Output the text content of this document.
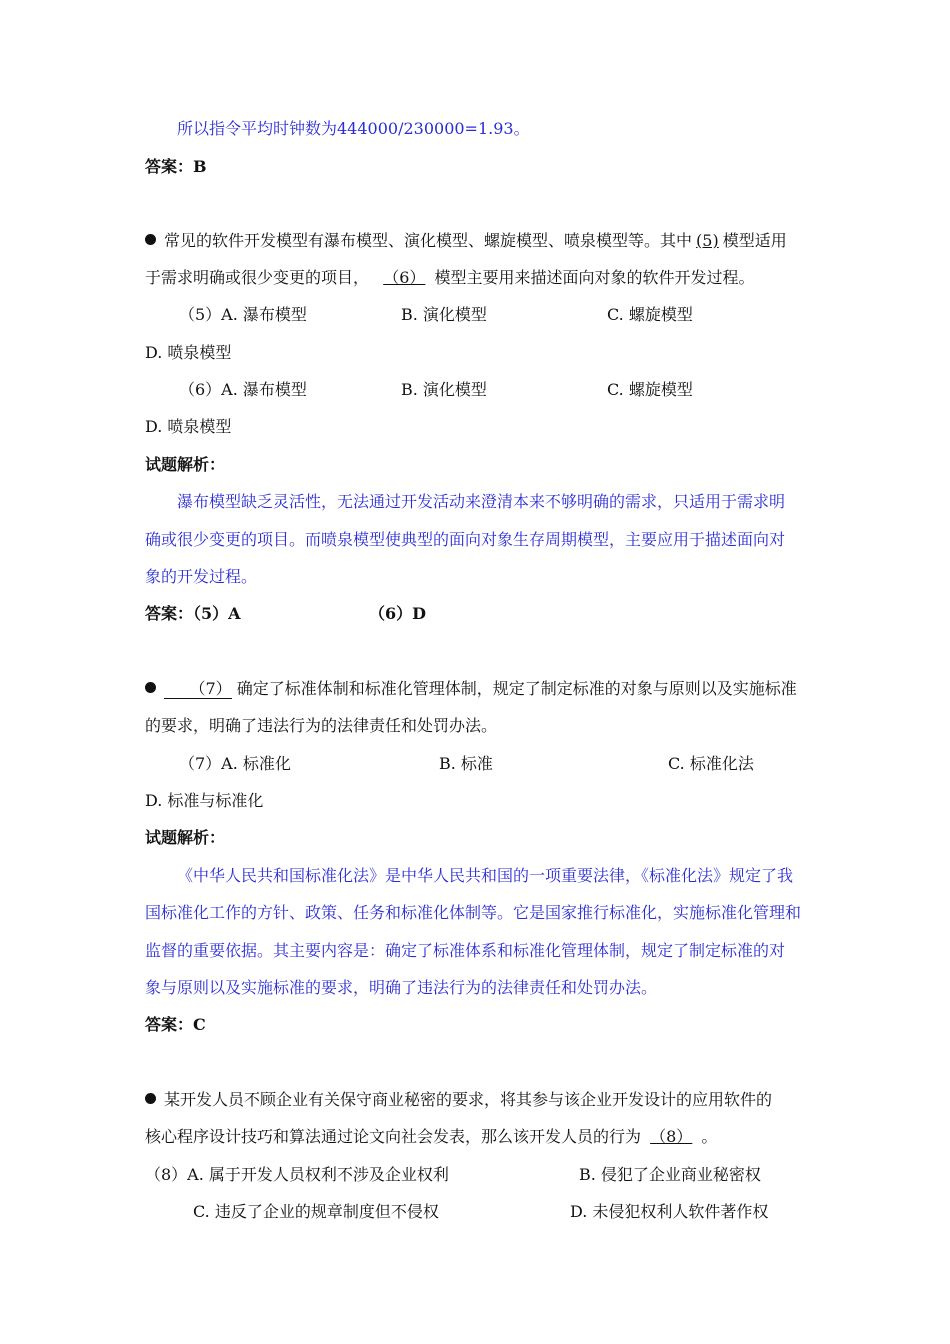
所以指令平均时钟数为444000/230000=1.93。
答案：B
常见的软件开发模型有瀑布模型、演化模型、螺旋模型、喷泉模型等。其中 (5) 模型适用
于需求明确或很少变更的项目， （6） 模型主要用来描述面向对象的软件开发过程。
（5）A. 瀑布模型	B. 演化模型	C. 螺旋模型
D. 喷泉模型
（6）A. 瀑布模型	B. 演化模型	C. 螺旋模型
D. 喷泉模型
试题解析：
瀑布模型缺乏灵活性，无法通过开发活动来澄清本来不够明确的需求，只适用于需求明
确或很少变更的项目。而喷泉模型使典型的面向对象生存周期模型，主要应用于描述面向对
象的开发过程。
答案：（5）A	（6）D
（7） 确定了标准体制和标准化管理体制，规定了制定标准的对象与原则以及实施标准
的要求，明确了违法行为的法律责任和处罚办法。
（7）A. 标准化	B. 标准	C. 标准化法
D. 标准与标准化
试题解析：
《中华人民共和国标准化法》是中华人民共和国的一项重要法律，《标准化法》规定了我
国标准化工作的方针、政策、任务和标准化体制等。它是国家推行标准化，实施标准化管理和
监督的重要依据。其主要内容是：确定了标准体系和标准化管理体制，规定了制定标准的对
象与原则以及实施标准的要求，明确了违法行为的法律责任和处罚办法。
答案：C
某开发人员不顾企业有关保守商业秘密的要求，将其参与该企业开发设计的应用软件的
核心程序设计技巧和算法通过论文向社会发表，那么该开发人员的行为 （8） 。
（8）A. 属于开发人员权利不涉及企业权利	B. 侵犯了企业商业秘密权
C. 违反了企业的规章制度但不侵权	D. 未侵犯权利人软件著作权
